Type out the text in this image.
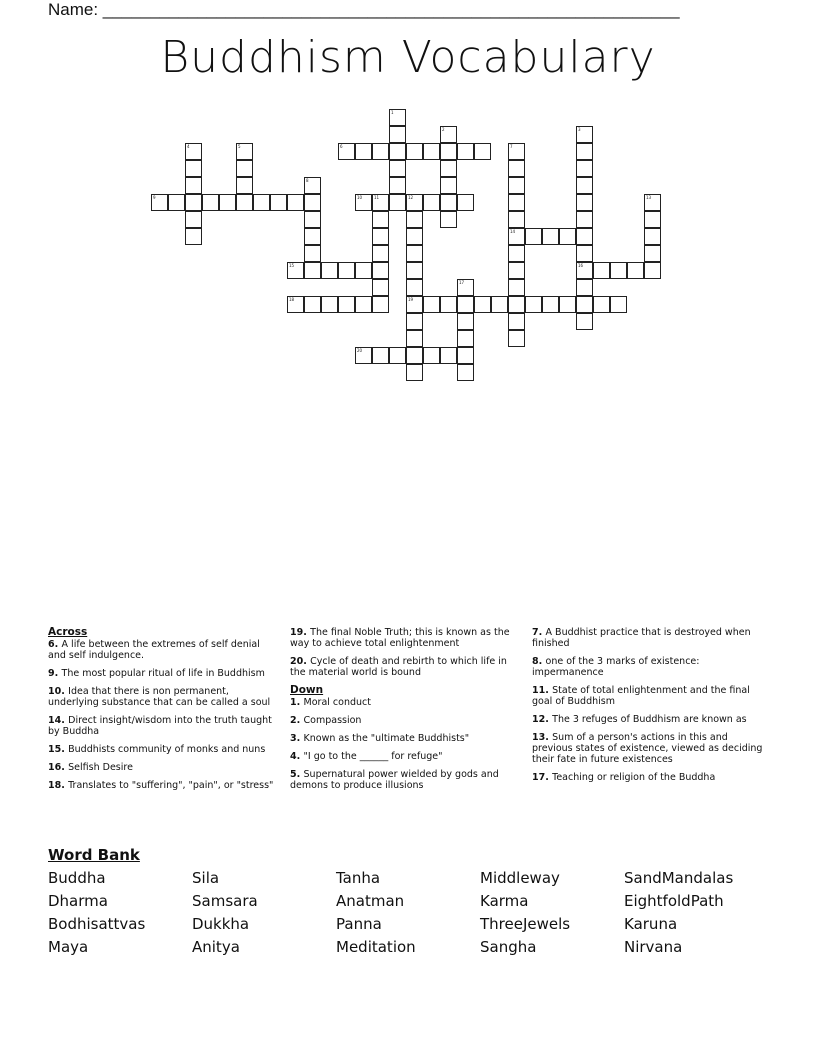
Name: _____________________________________________________________
Buddhism Vocabulary
1
2	3
16
4	5	6	7
14
8
9	10	11	12
19
13
15
17
18
20
Across
6. A life between the extremes of self denial and self indulgence.
9. The most popular ritual of life in Buddhism
10. Idea that there is non permanent, underlying substance that can be called a soul
14. Direct insight/wisdom into the truth taught by Buddha
15. Buddhists community of monks and nuns
16. Selfish Desire
18. Translates to "suffering", "pain", or "stress"
19. The final Noble Truth; this is known as the way to achieve total enlightenment
20. Cycle of death and rebirth to which life in the material world is bound
Down
1. Moral conduct
2. Compassion
3. Known as the "ultimate Buddhists"
4. "I go to the ______ for refuge"
5. Supernatural power wielded by gods and demons to produce illusions
7. A Buddhist practice that is destroyed when finished
8. one of the 3 marks of existence: impermanence
11. State of total enlightenment and the final goal of Buddhism
12. The 3 refuges of Buddhism are known as
13. Sum of a person's actions in this and previous states of existence, viewed as deciding their fate in future existences
17. Teaching or religion of the Buddha
Word Bank
Buddha	Sila	Tanha	Middleway	SandMandalas
Dharma	Samsara	Anatman	Karma	EightfoldPath
Bodhisattvas	Dukkha	Panna	ThreeJewels	Karuna
Maya	Anitya	Meditation	Sangha	Nirvana
